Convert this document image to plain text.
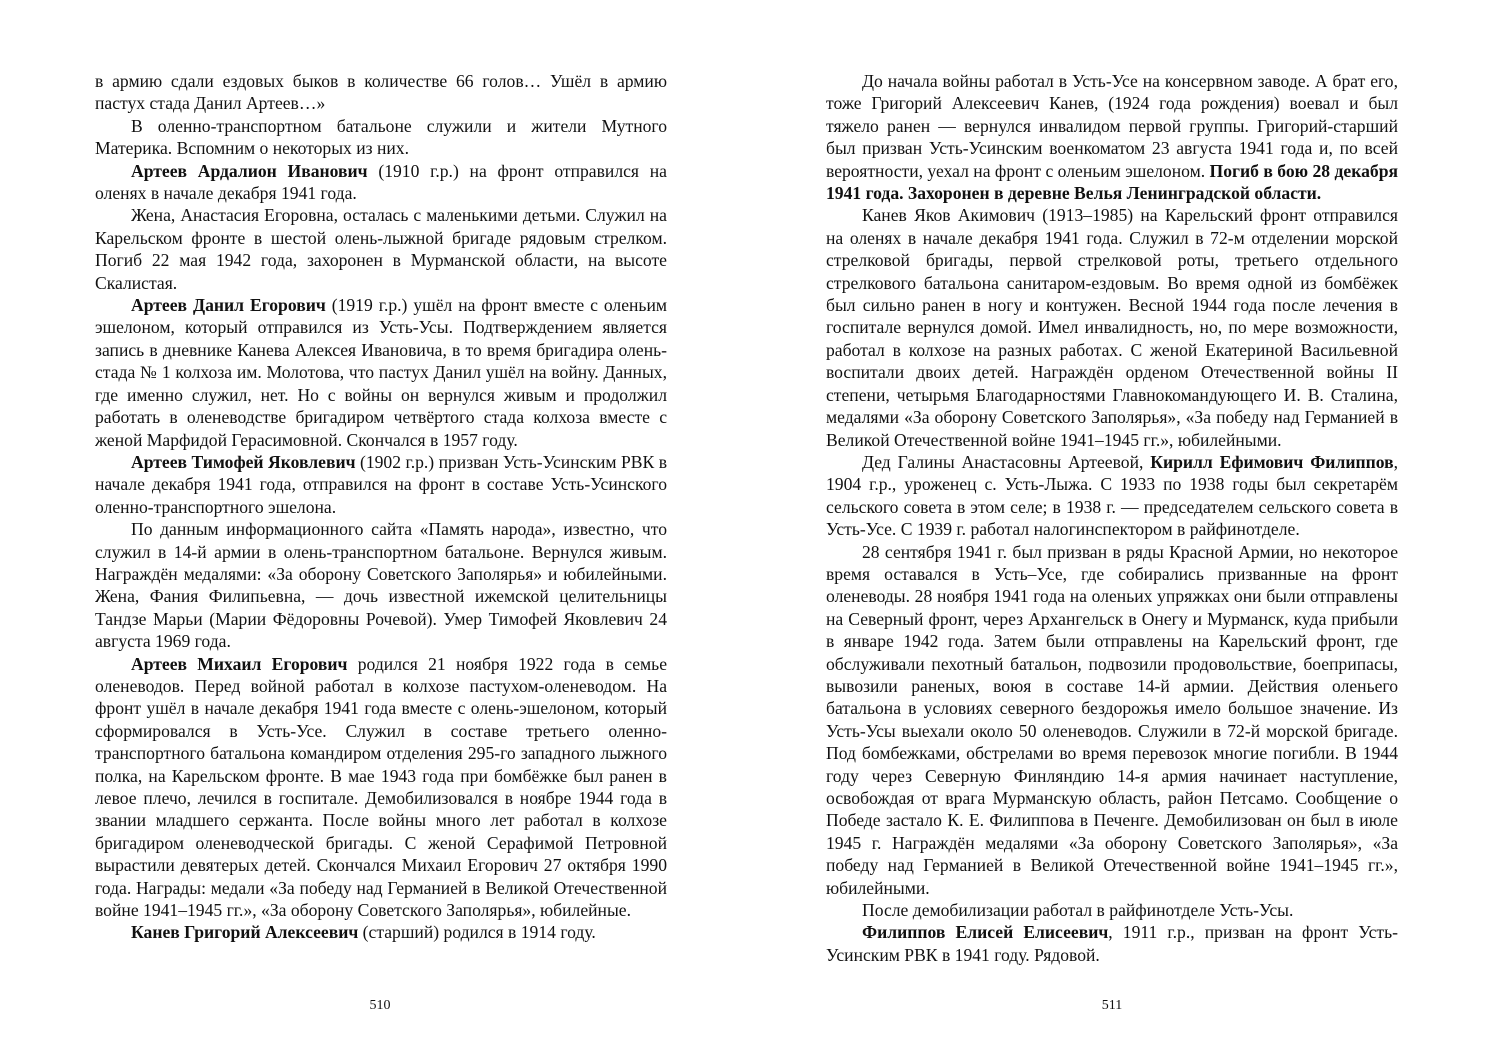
в армию сдали ездовых быков в количестве 66 голов… Ушёл в армию пастух стада Данил Артеев…»

В оленно-транспортном батальоне служили и жители Мутного Материка. Вспомним о некоторых из них.

Артеев Ардалион Иванович (1910 г.р.) на фронт отправился на оленях в начале декабря 1941 года.

Жена, Анастасия Егоровна, осталась с маленькими детьми. Служил на Карельском фронте в шестой олень-лыжной бригаде рядовым стрелком. Погиб 22 мая 1942 года, захоронен в Мурманской области, на высоте Скалистая.

Артеев Данил Егорович (1919 г.р.) ушёл на фронт вместе с оленьим эшелоном, который отправился из Усть-Усы. Подтверждением является запись в дневнике Канева Алексея Ивановича, в то время бригадира олень-стада № 1 колхоза им. Молотова, что пастух Данил ушёл на войну. Данных, где именно служил, нет. Но с войны он вернулся живым и продолжил работать в оленеводстве бригадиром четвёртого стада колхоза вместе с женой Марфидой Герасимовной. Скончался в 1957 году.

Артеев Тимофей Яковлевич (1902 г.р.) призван Усть-Усинским РВК в начале декабря 1941 года, отправился на фронт в составе Усть-Усинского оленно-транспортного эшелона.

По данным информационного сайта «Память народа», известно, что служил в 14-й армии в олень-транспортном батальоне. Вернулся живым. Награждён медалями: «За оборону Советского Заполярья» и юбилейными. Жена, Фания Филипьевна, — дочь известной ижемской целительницы Тандзе Марьи (Марии Фёдоровны Рочевой). Умер Тимофей Яковлевич 24 августа 1969 года.

Артеев Михаил Егорович родился 21 ноября 1922 года в семье оленеводов. Перед войной работал в колхозе пастухом-оленеводом. На фронт ушёл в начале декабря 1941 года вместе с олень-эшелоном, который сформировался в Усть-Усе. Служил в составе третьего оленно-транспортного батальона командиром отделения 295-го западного лыжного полка, на Карельском фронте. В мае 1943 года при бомбёжке был ранен в левое плечо, лечился в госпитале. Демобилизовался в ноябре 1944 года в звании младшего сержанта. После войны много лет работал в колхозе бригадиром оленеводческой бригады. С женой Серафимой Петровной вырастили девятерых детей. Скончался Михаил Егорович 27 октября 1990 года. Награды: медали «За победу над Германией в Великой Отечественной войне 1941–1945 гг.», «За оборону Советского Заполярья», юбилейные.

Канев Григорий Алексеевич (старший) родился в 1914 году.

До начала войны работал в Усть-Усе на консервном заводе. А брат его, тоже Григорий Алексеевич Канев, (1924 года рождения) воевал и был тяжело ранен — вернулся инвалидом первой группы. Григорий-старший был призван Усть-Усинским военкоматом 23 августа 1941 года и, по всей вероятности, уехал на фронт с оленьим эшелоном. Погиб в бою 28 декабря 1941 года. Захоронен в деревне Велья Ленинградской области.

Канев Яков Акимович (1913–1985) на Карельский фронт отправился на оленях в начале декабря 1941 года. Служил в 72-м отделении морской стрелковой бригады, первой стрелковой роты, третьего отдельного стрелкового батальона санитаром-ездовым. Во время одной из бомбёжек был сильно ранен в ногу и контужен. Весной 1944 года после лечения в госпитале вернулся домой. Имел инвалидность, но, по мере возможности, работал в колхозе на разных работах. С женой Екатериной Васильевной воспитали двоих детей. Награждён орденом Отечественной войны II степени, четырьмя Благодарностями Главнокомандующего И. В. Сталина, медалями «За оборону Советского Заполярья», «За победу над Германией в Великой Отечественной войне 1941–1945 гг.», юбилейными.

Дед Галины Анастасовны Артеевой, Кирилл Ефимович Филиппов, 1904 г.р., уроженец с. Усть-Лыжа. С 1933 по 1938 годы был секретарём сельского совета в этом селе; в 1938 г. — председателем сельского совета в Усть-Усе. С 1939 г. работал налогинспектором в райфинотделе.

28 сентября 1941 г. был призван в ряды Красной Армии, но некоторое время оставался в Усть–Усе, где собирались призванные на фронт оленеводы. 28 ноября 1941 года на оленьих упряжках они были отправлены на Северный фронт, через Архангельск в Онегу и Мурманск, куда прибыли в январе 1942 года. Затем были отправлены на Карельский фронт, где обслуживали пехотный батальон, подвозили продовольствие, боеприпасы, вывозили раненых, воюя в составе 14-й армии. Действия оленьего батальона в условиях северного бездорожья имело большое значение. Из Усть-Усы выехали около 50 оленеводов. Служили в 72-й морской бригаде. Под бомбежками, обстрелами во время перевозок многие погибли. В 1944 году через Северную Финляндию 14-я армия начинает наступление, освобождая от врага Мурманскую область, район Петсамо. Сообщение о Победе застало К. Е. Филиппова в Печенге. Демобилизован он был в июле 1945 г. Награждён медалями «За оборону Советского Заполярья», «За победу над Германией в Великой Отечественной войне 1941–1945 гг.», юбилейными.

После демобилизации работал в райфинотделе Усть-Усы.

Филиппов Елисей Елисеевич, 1911 г.р., призван на фронт Усть-Усинским РВК в 1941 году. Рядовой.

510	511
